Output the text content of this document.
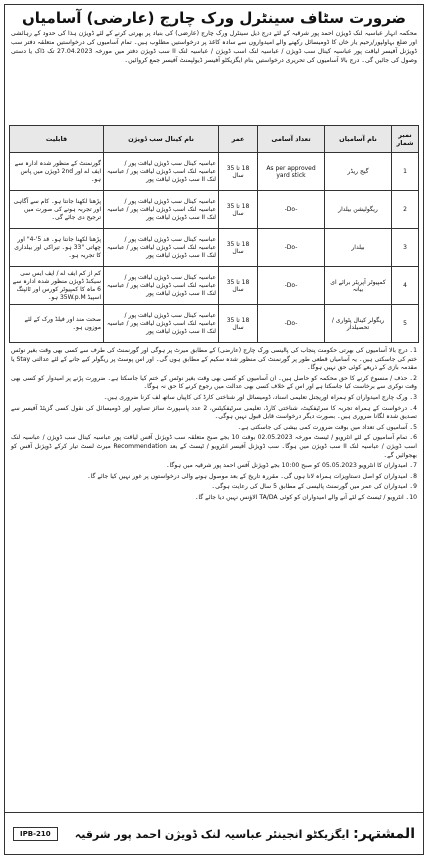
ضرورت سٹاف سینٹرل ورک چارج (عارضی) آسامیاں
محکمہ انہار عباسیہ لنک ڈویژن احمد پور شرقیہ کے لئے درج ذیل سینٹرل ورک چارج (عارضی) کی بنیاد پر بھرتی کرنے کے لئے ڈویژن ہذا کی حدود کے رہائشی اور ضلع بہاولپور/رحیم یار خاں کا ڈومیسائل رکھنے والے امیدواروں سے سادہ کاغذ پر درخواستیں مطلوب ہیں۔ تمام آسامیوں کی درخواستیں متعلقہ دفتر سب ڈویژنل آفیسر لیاقت پور عباسیہ کینال سب ڈویژن / عباسیہ لنک اسب ڈویژن / عباسیہ لنک II سب ڈویژن دفتر میں مورخہ 27.04.2023 تک ڈاک یا دستی وصول کی جائیں گی۔ درج بالا آسامیوں کی تحریری درخواستیں بنام ایگزیکٹو آفیسر ڈیولپمنٹ آفیسر جمع کروائیں۔
نمبر شمار	نام آسامیاں	تعداد آسامی	عمر	نام کینال سب ڈویژن	قابلیت
1	گیج ریڈر	As per approved yard stick	18 تا 35 سال	عباسیہ کینال سب ڈویژن لیاقت پور / عباسیہ لنک اسب ڈویژن لیاقت پور / عباسیہ لنک II سب ڈویژن لیاقت پور	گورنمنٹ کے منظور شدہ ادارہ سے ایف اے اور 2nd ڈویژن میں پاس ہو۔
2	ریگولیشن بیلدار	-Do-	18 تا 35 سال	عباسیہ کینال سب ڈویژن لیاقت پور / عباسیہ لنک اسب ڈویژن لیاقت پور / عباسیہ لنک II سب ڈویژن لیاقت پور	پڑھنا لکھنا جانتا ہو۔ کام سے آگاہی اور تجربہ ہونے کی صورت میں ترجیح دی جائے گی۔
3	بیلدار	-Do-	18 تا 35 سال	عباسیہ کینال سب ڈویژن لیاقت پور / عباسیہ لنک اسب ڈویژن لیاقت پور / عباسیہ لنک II سب ڈویژن لیاقت پور	پڑھنا لکھنا جانتا ہو۔ قد 5'-4" اور چھاتی "33 ہو۔ تیراکی اور بیلداری کا تجربہ ہو۔
4	کمپیوٹر آپریٹر برائے ای بیانہ	-Do-	18 تا 35 سال	عباسیہ کینال سب ڈویژن لیاقت پور / عباسیہ لنک اسب ڈویژن لیاقت پور / عباسیہ لنک II سب ڈویژن لیاقت پور	کم از کم ایف اے / ایف ایس سی سیکنڈ ڈویژن منظور شدہ ادارہ سے 6 ماہ کا کمپیوٹر کورس اور ٹائپنگ اسپیڈ 35W.p.M ہو۔
5	ریگولر کینال پٹواری / تحصیلدار	-Do-	18 تا 35 سال	عباسیہ کینال سب ڈویژن لیاقت پور / عباسیہ لنک اسب ڈویژن لیاقت پور / عباسیہ لنک II سب ڈویژن لیاقت پور	صحت مند اور فیلڈ ورک کے لئے موزوں ہو۔
1۔ درج بالا آسامیوں کی بھرتی حکومت پنجاب کی پالیسی ورک چارج (عارضی) کے مطابق میرٹ پر ہوگی اور گورنمنٹ کی طرف سے کسی بھی وقت بغیر نوٹس ختم کی جاسکتی ہیں۔ یہ آسامیاں قطعی طور پر گورنمنٹ کی منظور شدہ سکیم کے مطابق ہوں گی۔ اور اس پوسٹ پر ریگولر کیے جانے کے لئے عدالتی Stay یا مقدمہ بازی کے ذریعے کوئی حق نہیں ہوگا۔
2۔ حذف / منسوخ کرنے کا حق محکمہ کو حاصل ہیں۔ ان آسامیوں کو کسی بھی وقت بغیر نوٹس کے ختم کیا جاسکتا ہے۔ ضرورت پڑنے پر امیدوار کو کسی بھی وقت نوکری سے برخاست کیا جاسکتا ہے اور اس کے خلاف کسی بھی عدالت میں رجوع کرنے کا حق نہ ہوگا۔
3۔ ورک چارج امیدواران کو ہمراہ اوریجنل تعلیمی اسناد، ڈومیسائل اور شناختی کارڈ کی کاپیاں ساتھ لف کرنا ضروری ہیں۔
4۔ درخواست کے ہمراہ تجربہ کا سرٹیفکیٹ، شناختی کارڈ، تعلیمی سرٹیفکیٹس، 2 عدد پاسپورٹ سائز تصاویر اور ڈومیسائل کی نقول کسی گزیٹڈ آفیسر سے تصدیق شدہ لگانا ضروری ہیں۔ بصورت دیگر درخواست قابل قبول نہیں ہوگی۔
5۔ آسامیوں کی تعداد میں بوقت ضرورت کمی بیشی کی جاسکتی ہے۔
6۔ تمام آسامیوں کے لئے انٹرویو / ٹیسٹ مورخہ 02.05.2023 بوقت 10 بجے صبح متعلقہ سب ڈویژنل آفس لیاقت پور عباسیہ کینال سب ڈویژن / عباسیہ لنک اسب ڈویژن / عباسیہ لنک II سب ڈویژن میں ہوگا۔ سب ڈویژنل آفیسر انٹرویو / ٹیسٹ کے بعد Recommendation میرٹ لسٹ تیار کرکے ڈویژنل آفس کو بھجوائیں گے۔
7۔ امیدواران کا انٹرویو 05.05.2023 کو صبح 10:00 بجے ڈویژنل آفس احمد پور شرقیہ میں ہوگا۔
8۔ امیدواران کو اصل دستاویزات ہمراہ لانا ہوں گی۔ مقررہ تاریخ کے بعد موصول ہونے والی درخواستوں پر غور نہیں کیا جائے گا۔
9۔ امیدواران کی عمر میں گورنمنٹ پالیسی کے مطابق 5 سال کی رعایت ہوگی۔
10۔ انٹرویو / ٹیسٹ کے لئے آنے والے امیدواران کو کوئی TA/DA الاؤنس نہیں دیا جائے گا۔
IPB-210	المشتہر: ایگزیکٹو انجینئر عباسیہ لنک ڈویژن احمد پور شرقیہ
